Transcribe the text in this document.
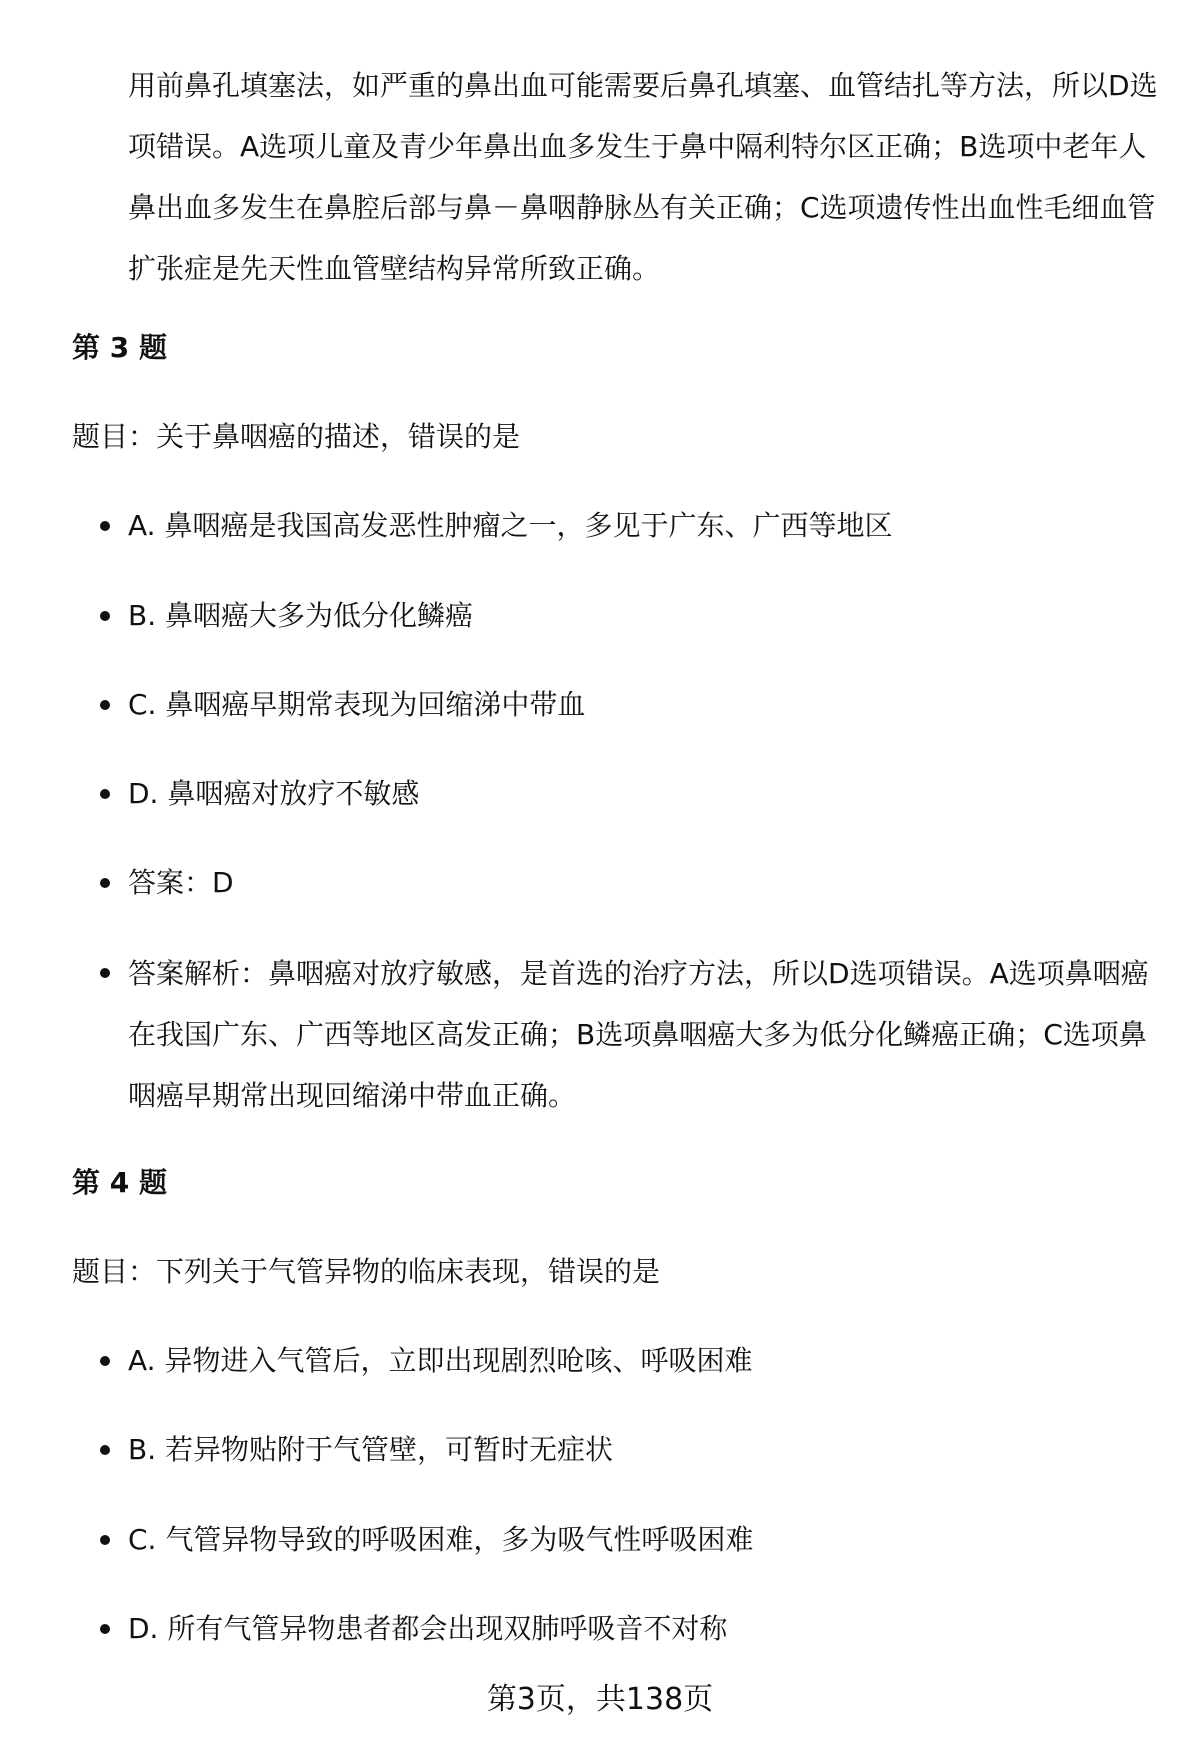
用前鼻孔填塞法，如严重的鼻出血可能需要后鼻孔填塞、血管结扎等方法，所以D选项错误。A选项儿童及青少年鼻出血多发生于鼻中隔利特尔区正确；B选项中老年人鼻出血多发生在鼻腔后部与鼻－鼻咽静脉丛有关正确；C选项遗传性出血性毛细血管扩张症是先天性血管壁结构异常所致正确。

第 3 题

题目：关于鼻咽癌的描述，错误的是

A. 鼻咽癌是我国高发恶性肿瘤之一，多见于广东、广西等地区

B. 鼻咽癌大多为低分化鳞癌

C. 鼻咽癌早期常表现为回缩涕中带血

D. 鼻咽癌对放疗不敏感

答案：D

答案解析：鼻咽癌对放疗敏感，是首选的治疗方法，所以D选项错误。A选项鼻咽癌在我国广东、广西等地区高发正确；B选项鼻咽癌大多为低分化鳞癌正确；C选项鼻咽癌早期常出现回缩涕中带血正确。

第 4 题

题目：下列关于气管异物的临床表现，错误的是

A. 异物进入气管后，立即出现剧烈呛咳、呼吸困难

B. 若异物贴附于气管壁，可暂时无症状

C. 气管异物导致的呼吸困难，多为吸气性呼吸困难

D. 所有气管异物患者都会出现双肺呼吸音不对称

第3页，共138页
